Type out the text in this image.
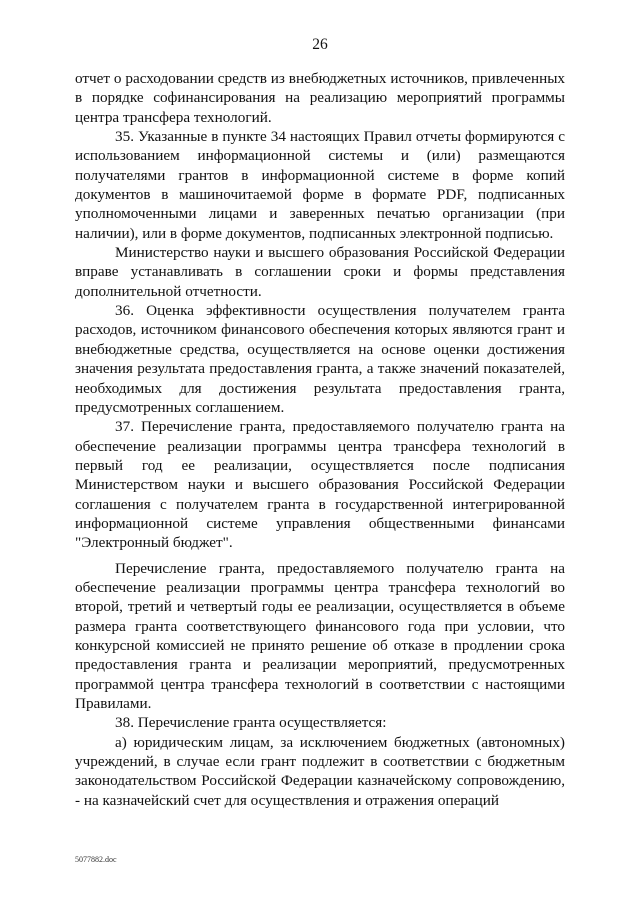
26

отчет о расходовании средств из внебюджетных источников, привлеченных в порядке софинансирования на реализацию мероприятий программы центра трансфера технологий.

35. Указанные в пункте 34 настоящих Правил отчеты формируются с использованием информационной системы и (или) размещаются получателями грантов в информационной системе в форме копий документов в машиночитаемой форме в формате PDF, подписанных уполномоченными лицами и заверенных печатью организации (при наличии), или в форме документов, подписанных электронной подписью.

Министерство науки и высшего образования Российской Федерации вправе устанавливать в соглашении сроки и формы представления дополнительной отчетности.

36. Оценка эффективности осуществления получателем гранта расходов, источником финансового обеспечения которых являются грант и внебюджетные средства, осуществляется на основе оценки достижения значения результата предоставления гранта, а также значений показателей, необходимых для достижения результата предоставления гранта, предусмотренных соглашением.

37. Перечисление гранта, предоставляемого получателю гранта на обеспечение реализации программы центра трансфера технологий в первый год ее реализации, осуществляется после подписания Министерством науки и высшего образования Российской Федерации соглашения с получателем гранта в государственной интегрированной информационной системе управления общественными финансами "Электронный бюджет".

Перечисление гранта, предоставляемого получателю гранта на обеспечение реализации программы центра трансфера технологий во второй, третий и четвертый годы ее реализации, осуществляется в объеме размера гранта соответствующего финансового года при условии, что конкурсной комиссией не принято решение об отказе в продлении срока предоставления гранта и реализации мероприятий, предусмотренных программой центра трансфера технологий в соответствии с настоящими Правилами.

38. Перечисление гранта осуществляется:

а) юридическим лицам, за исключением бюджетных (автономных) учреждений, в случае если грант подлежит в соответствии с бюджетным законодательством Российской Федерации казначейскому сопровождению, - на казначейский счет для осуществления и отражения операций

5077882.doc
